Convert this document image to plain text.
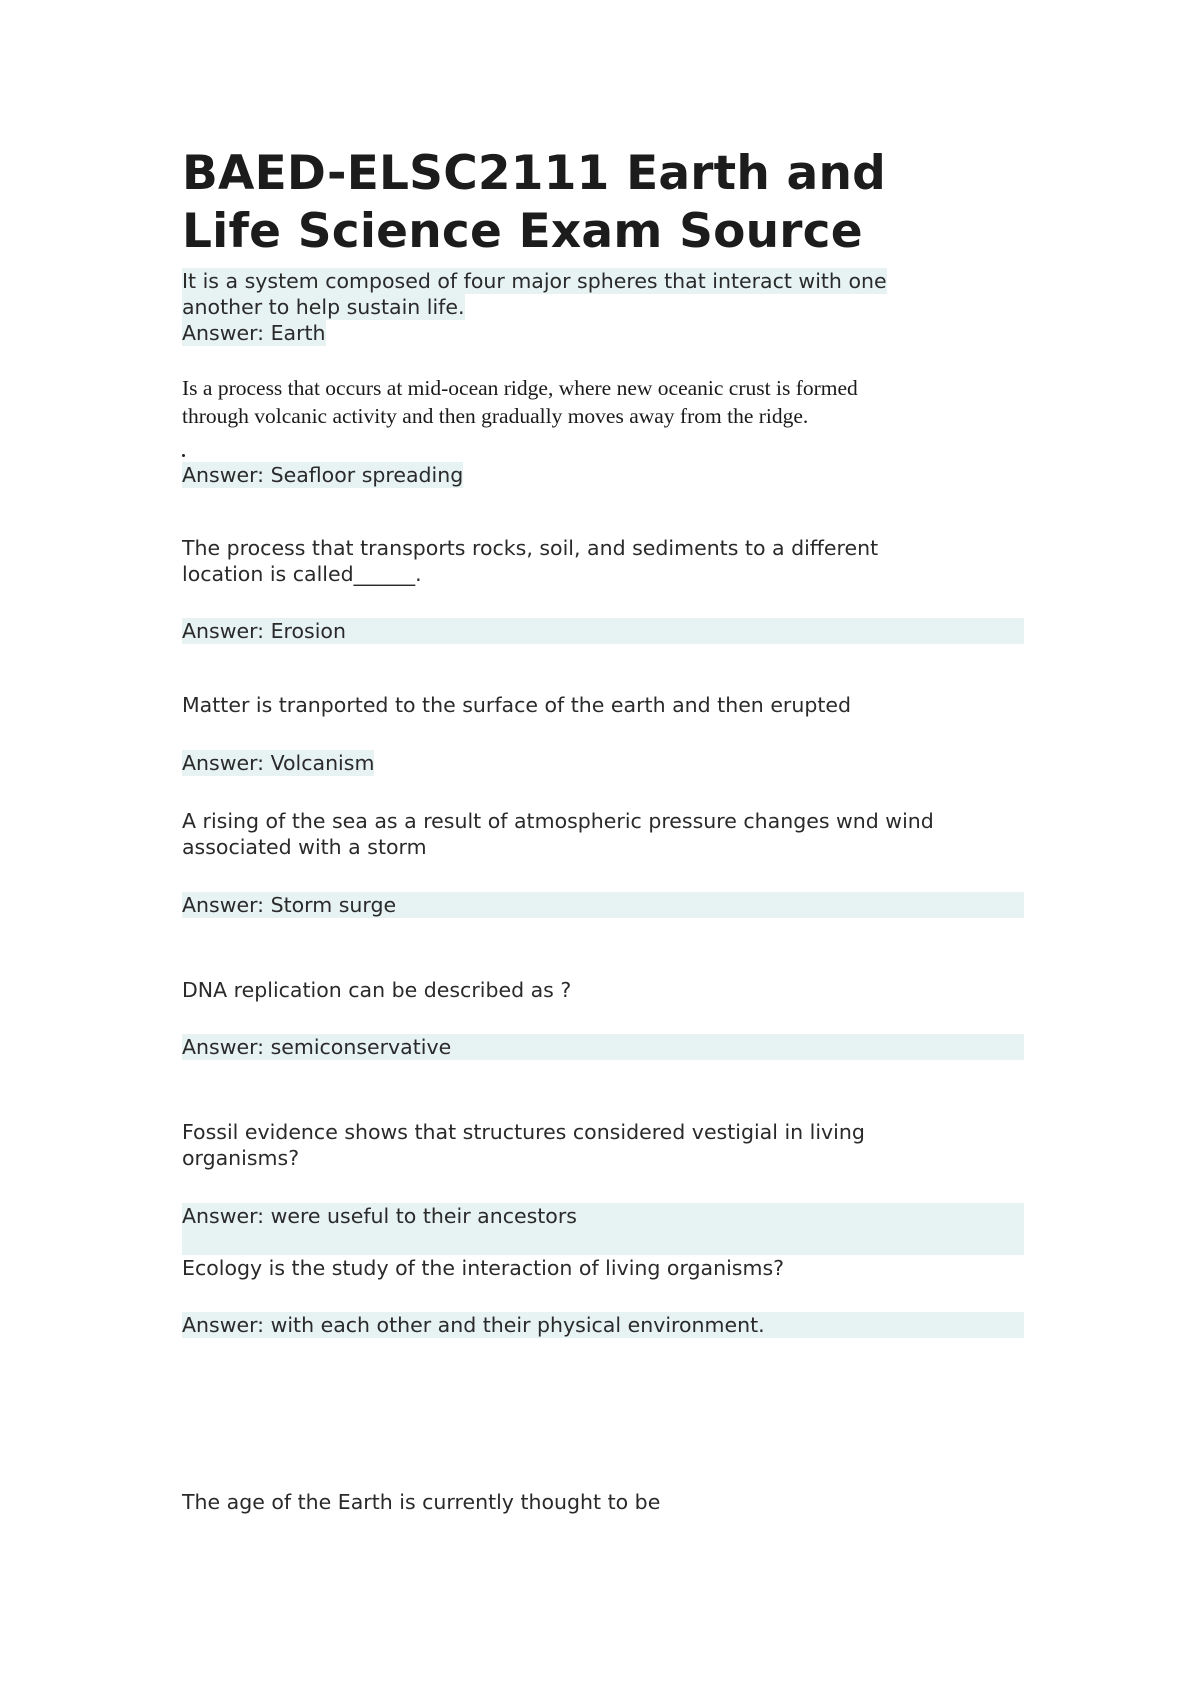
BAED-ELSC2111 Earth and
Life Science Exam Source
It is a system composed of four major spheres that interact with one
another to help sustain life.
Answer: Earth
Is a process that occurs at mid-ocean ridge, where new oceanic crust is formed
through volcanic activity and then gradually moves away from the ridge.
Answer: Seafloor spreading
The process that transports rocks, soil, and sediments to a different
location is called______.
Answer: Erosion
Matter is tranported to the surface of the earth and then erupted
Answer: Volcanism
A rising of the sea as a result of atmospheric pressure changes wnd wind
associated with a storm
Answer: Storm surge
DNA replication can be described as ?
Answer: semiconservative
Fossil evidence shows that structures considered vestigial in living
organisms?
Answer: were useful to their ancestors
Ecology is the study of the interaction of living organisms?
Answer: with each other and their physical environment.
The age of the Earth is currently thought to be
